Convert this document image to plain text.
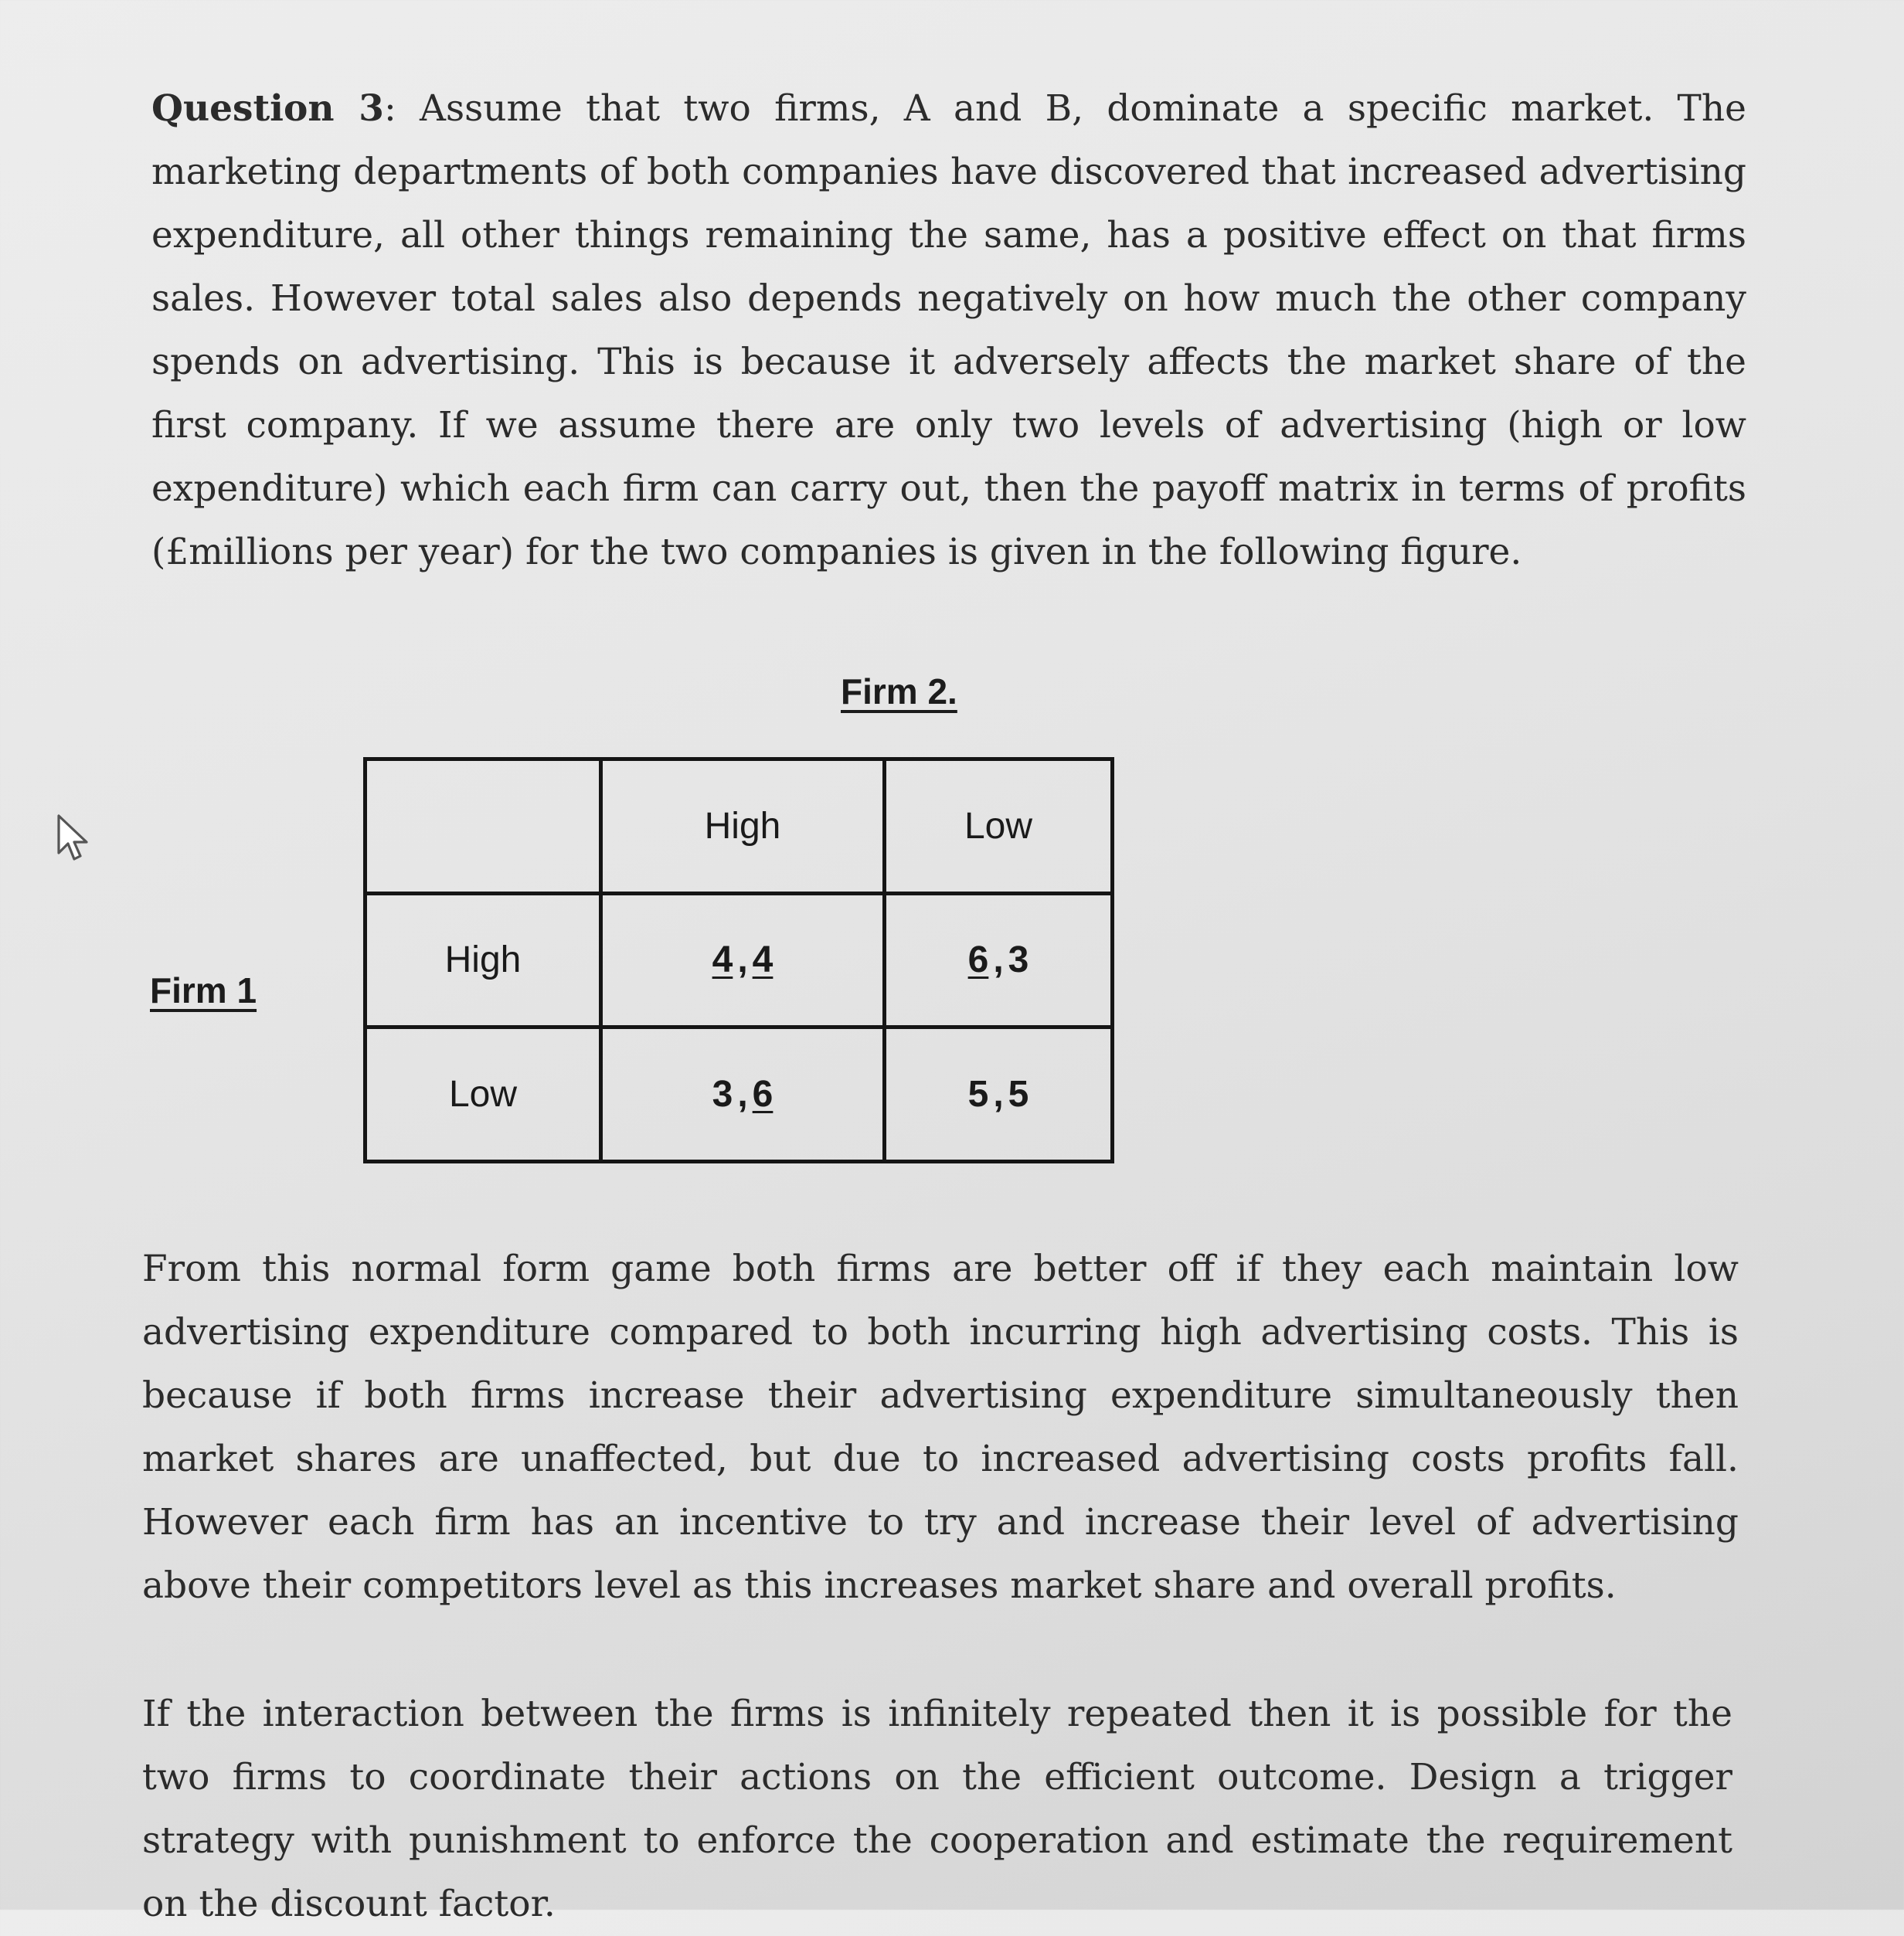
Question 3: Assume that two firms, A and B, dominate a specific market. The marketing departments of both companies have discovered that increased advertising expenditure, all other things remaining the same, has a positive effect on that firms sales. However total sales also depends negatively on how much the other company spends on advertising. This is because it adversely affects the market share of the first company. If we assume there are only two levels of advertising (high or low expenditure) which each firm can carry out, then the payoff matrix in terms of profits (£millions per year) for the two companies is given in the following figure.

Firm 2.
Firm 1
	High	Low
High	4 , 4	6 , 3
Low	3 , 6	5 , 5

From this normal form game both firms are better off if they each maintain low advertising expenditure compared to both incurring high advertising costs. This is because if both firms increase their advertising expenditure simultaneously then market shares are unaffected, but due to increased advertising costs profits fall. However each firm has an incentive to try and increase their level of advertising above their competitors level as this increases market share and overall profits.

If the interaction between the firms is infinitely repeated then it is possible for the two firms to coordinate their actions on the efficient outcome. Design a trigger strategy with punishment to enforce the cooperation and estimate the requirement on the discount factor.
